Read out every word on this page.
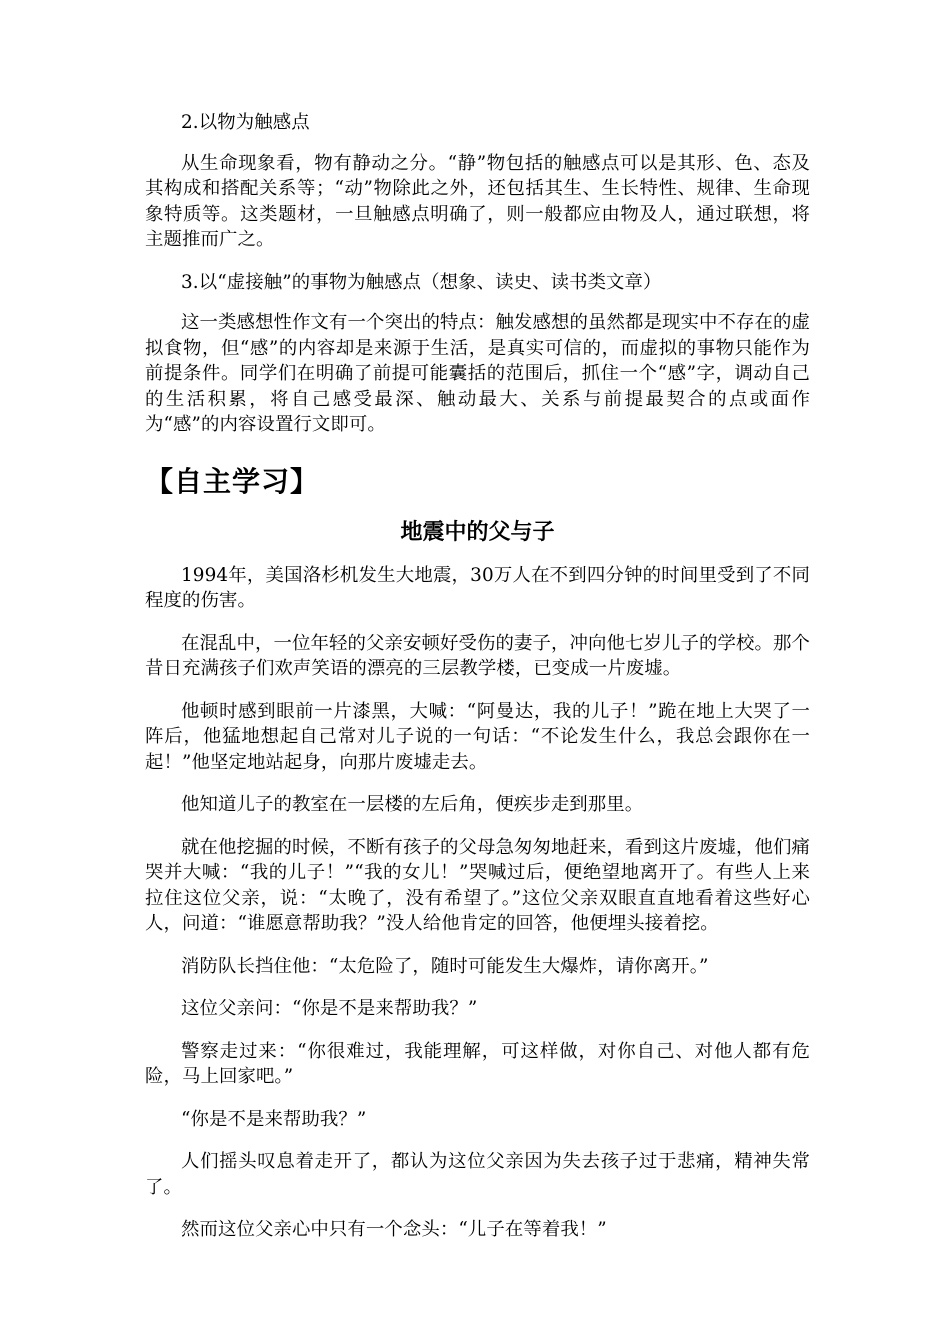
2.以物为触感点

从生命现象看，物有静动之分。“静”物包括的触感点可以是其形、色、态及其构成和搭配关系等；“动”物除此之外，还包括其生、生长特性、规律、生命现象特质等。这类题材，一旦触感点明确了，则一般都应由物及人，通过联想，将主题推而广之。

3.以“虚接触”的事物为触感点（想象、读史、读书类文章）

这一类感想性作文有一个突出的特点：触发感想的虽然都是现实中不存在的虚拟食物，但“感”的内容却是来源于生活，是真实可信的，而虚拟的事物只能作为前提条件。同学们在明确了前提可能囊括的范围后，抓住一个“感”字，调动自己的生活积累，将自己感受最深、触动最大、关系与前提最契合的点或面作为“感”的内容设置行文即可。

【自主学习】
地震中的父与子

1994年，美国洛杉机发生大地震，30万人在不到四分钟的时间里受到了不同程度的伤害。

在混乱中，一位年轻的父亲安顿好受伤的妻子，冲向他七岁儿子的学校。那个昔日充满孩子们欢声笑语的漂亮的三层教学楼，已变成一片废墟。

他顿时感到眼前一片漆黑，大喊：“阿曼达，我的儿子！”跪在地上大哭了一阵后，他猛地想起自己常对儿子说的一句话：“不论发生什么，我总会跟你在一起！”他坚定地站起身，向那片废墟走去。

他知道儿子的教室在一层楼的左后角，便疾步走到那里。

就在他挖掘的时候，不断有孩子的父母急匆匆地赶来，看到这片废墟，他们痛哭并大喊：“我的儿子！”“我的女儿！”哭喊过后，便绝望地离开了。有些人上来拉住这位父亲，说：“太晚了，没有希望了。”这位父亲双眼直直地看着这些好心人，问道：“谁愿意帮助我？”没人给他肯定的回答，他便埋头接着挖。

消防队长挡住他：“太危险了，随时可能发生大爆炸，请你离开。”

这位父亲问：“你是不是来帮助我？”

警察走过来：“你很难过，我能理解，可这样做，对你自己、对他人都有危险，马上回家吧。”

“你是不是来帮助我？”

人们摇头叹息着走开了，都认为这位父亲因为失去孩子过于悲痛，精神失常了。

然而这位父亲心中只有一个念头：“儿子在等着我！”
